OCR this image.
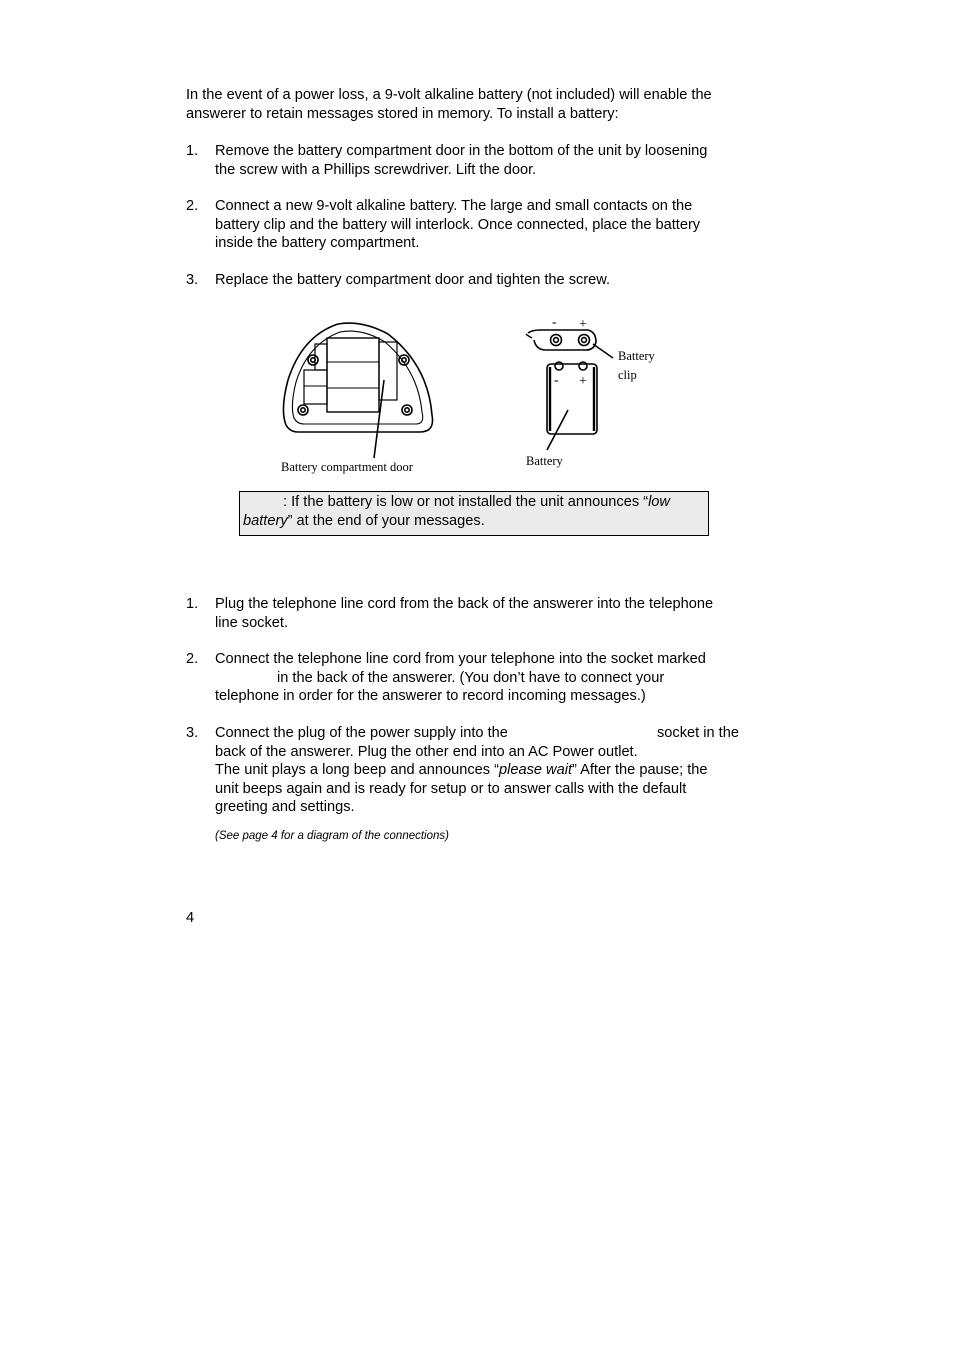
In the event of a power loss, a 9-volt alkaline battery (not included) will enable the
answerer to retain messages stored in memory. To install a battery:
1. Remove the battery compartment door in the bottom of the unit by loosening
the screw with a Phillips screwdriver. Lift the door.
2. Connect a new 9-volt alkaline battery. The large and small contacts on the
battery clip and the battery will interlock. Once connected, place the battery
inside the battery compartment.
3. Replace the battery compartment door and tighten the screw.
Battery compartment door
- +
Battery
clip
- +
Battery
: If the battery is low or not installed the unit announces “low
battery” at the end of your messages.
1. Plug the telephone line cord from the back of the answerer into the telephone
line socket.
2. Connect the telephone line cord from your telephone into the socket marked
in the back of the answerer. (You don’t have to connect your
telephone in order for the answerer to record incoming messages.)
3. Connect the plug of the power supply into the	socket in the
back of the answerer. Plug the other end into an AC Power outlet.
The unit plays a long beep and announces “please wait” After the pause; the
unit beeps again and is ready for setup or to answer calls with the default
greeting and settings.
(See page 4 for a diagram of the connections)
4
